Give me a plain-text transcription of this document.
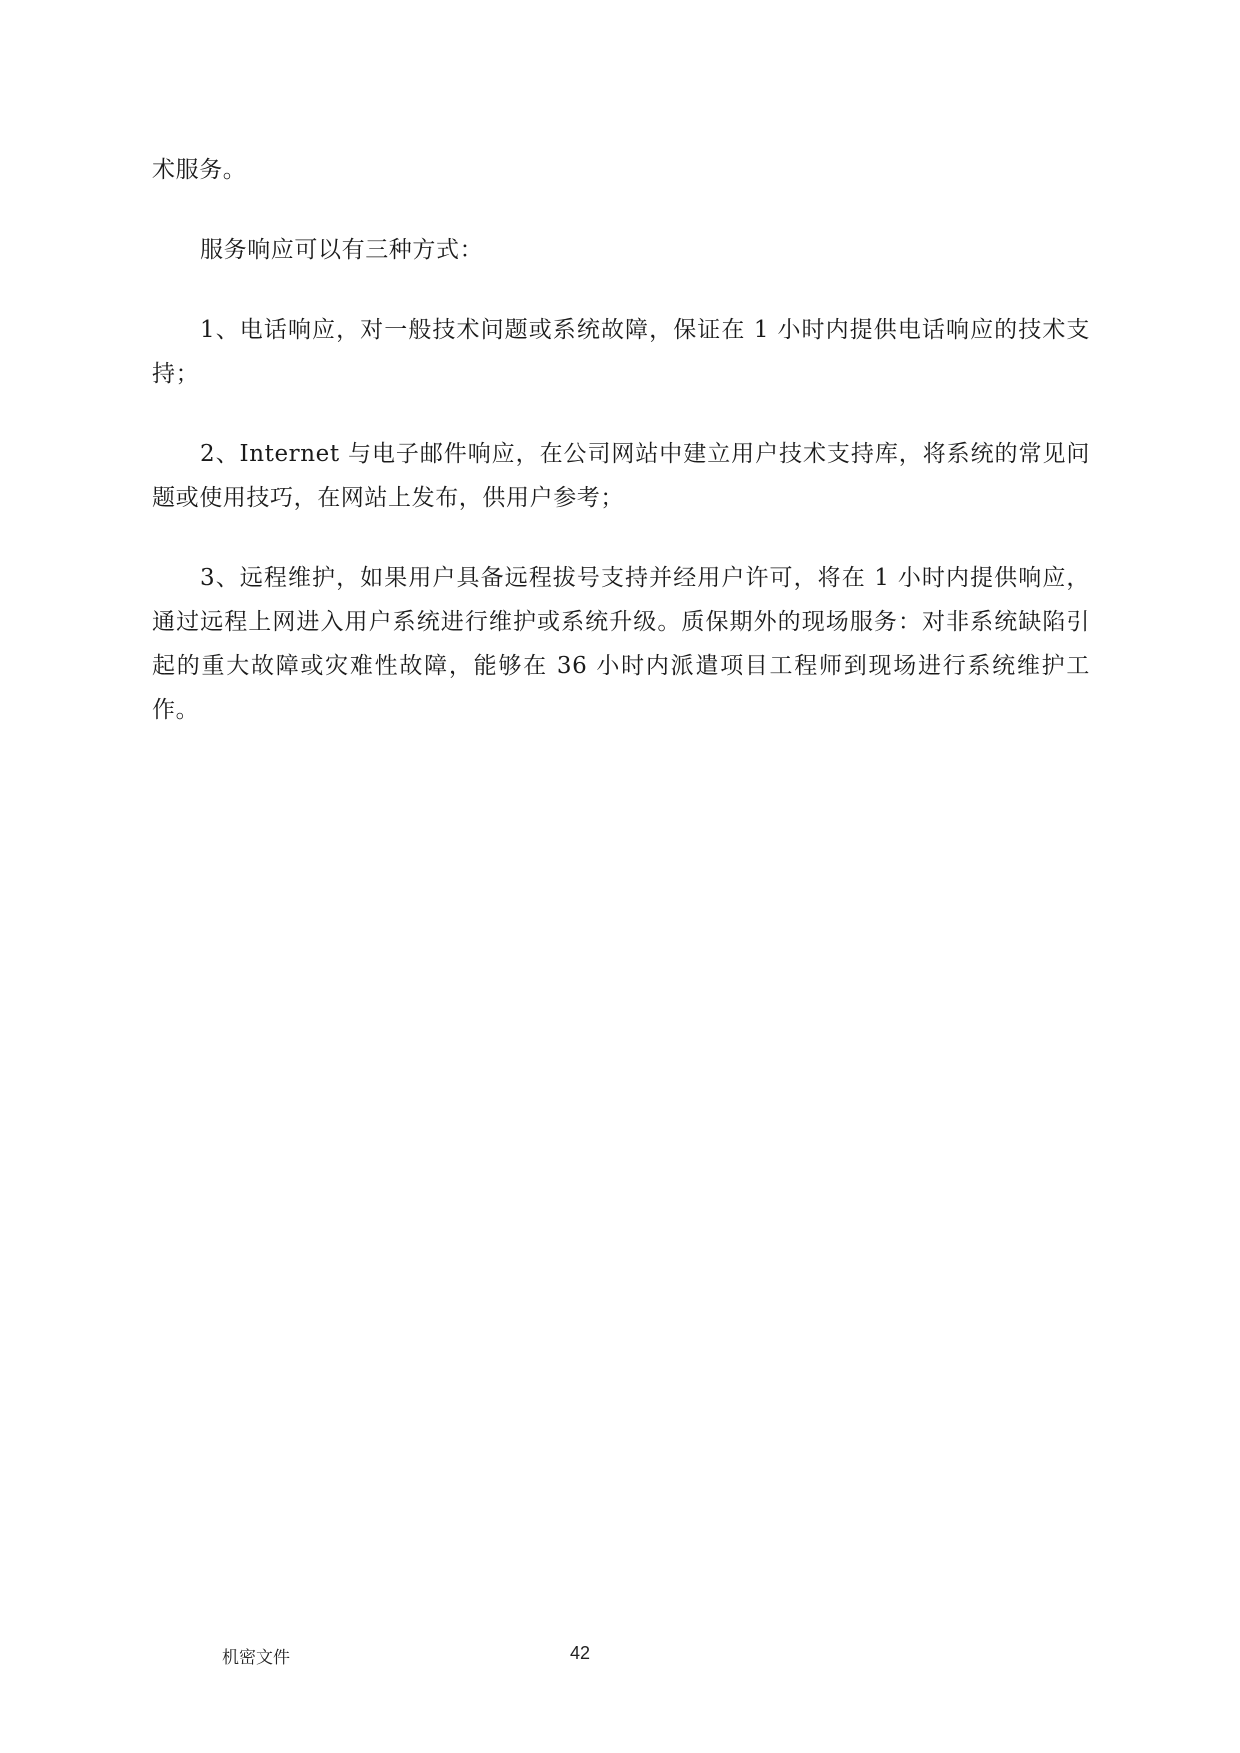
术服务。

服务响应可以有三种方式：

1、电话响应，对一般技术问题或系统故障，保证在 1 小时内提供电话响应的技术支持；

2、Internet 与电子邮件响应，在公司网站中建立用户技术支持库，将系统的常见问题或使用技巧，在网站上发布，供用户参考；

3、远程维护，如果用户具备远程拔号支持并经用户许可，将在 1 小时内提供响应，通过远程上网进入用户系统进行维护或系统升级。质保期外的现场服务：对非系统缺陷引起的重大故障或灾难性故障，能够在 36 小时内派遣项目工程师到现场进行系统维护工作。

机密文件	42
